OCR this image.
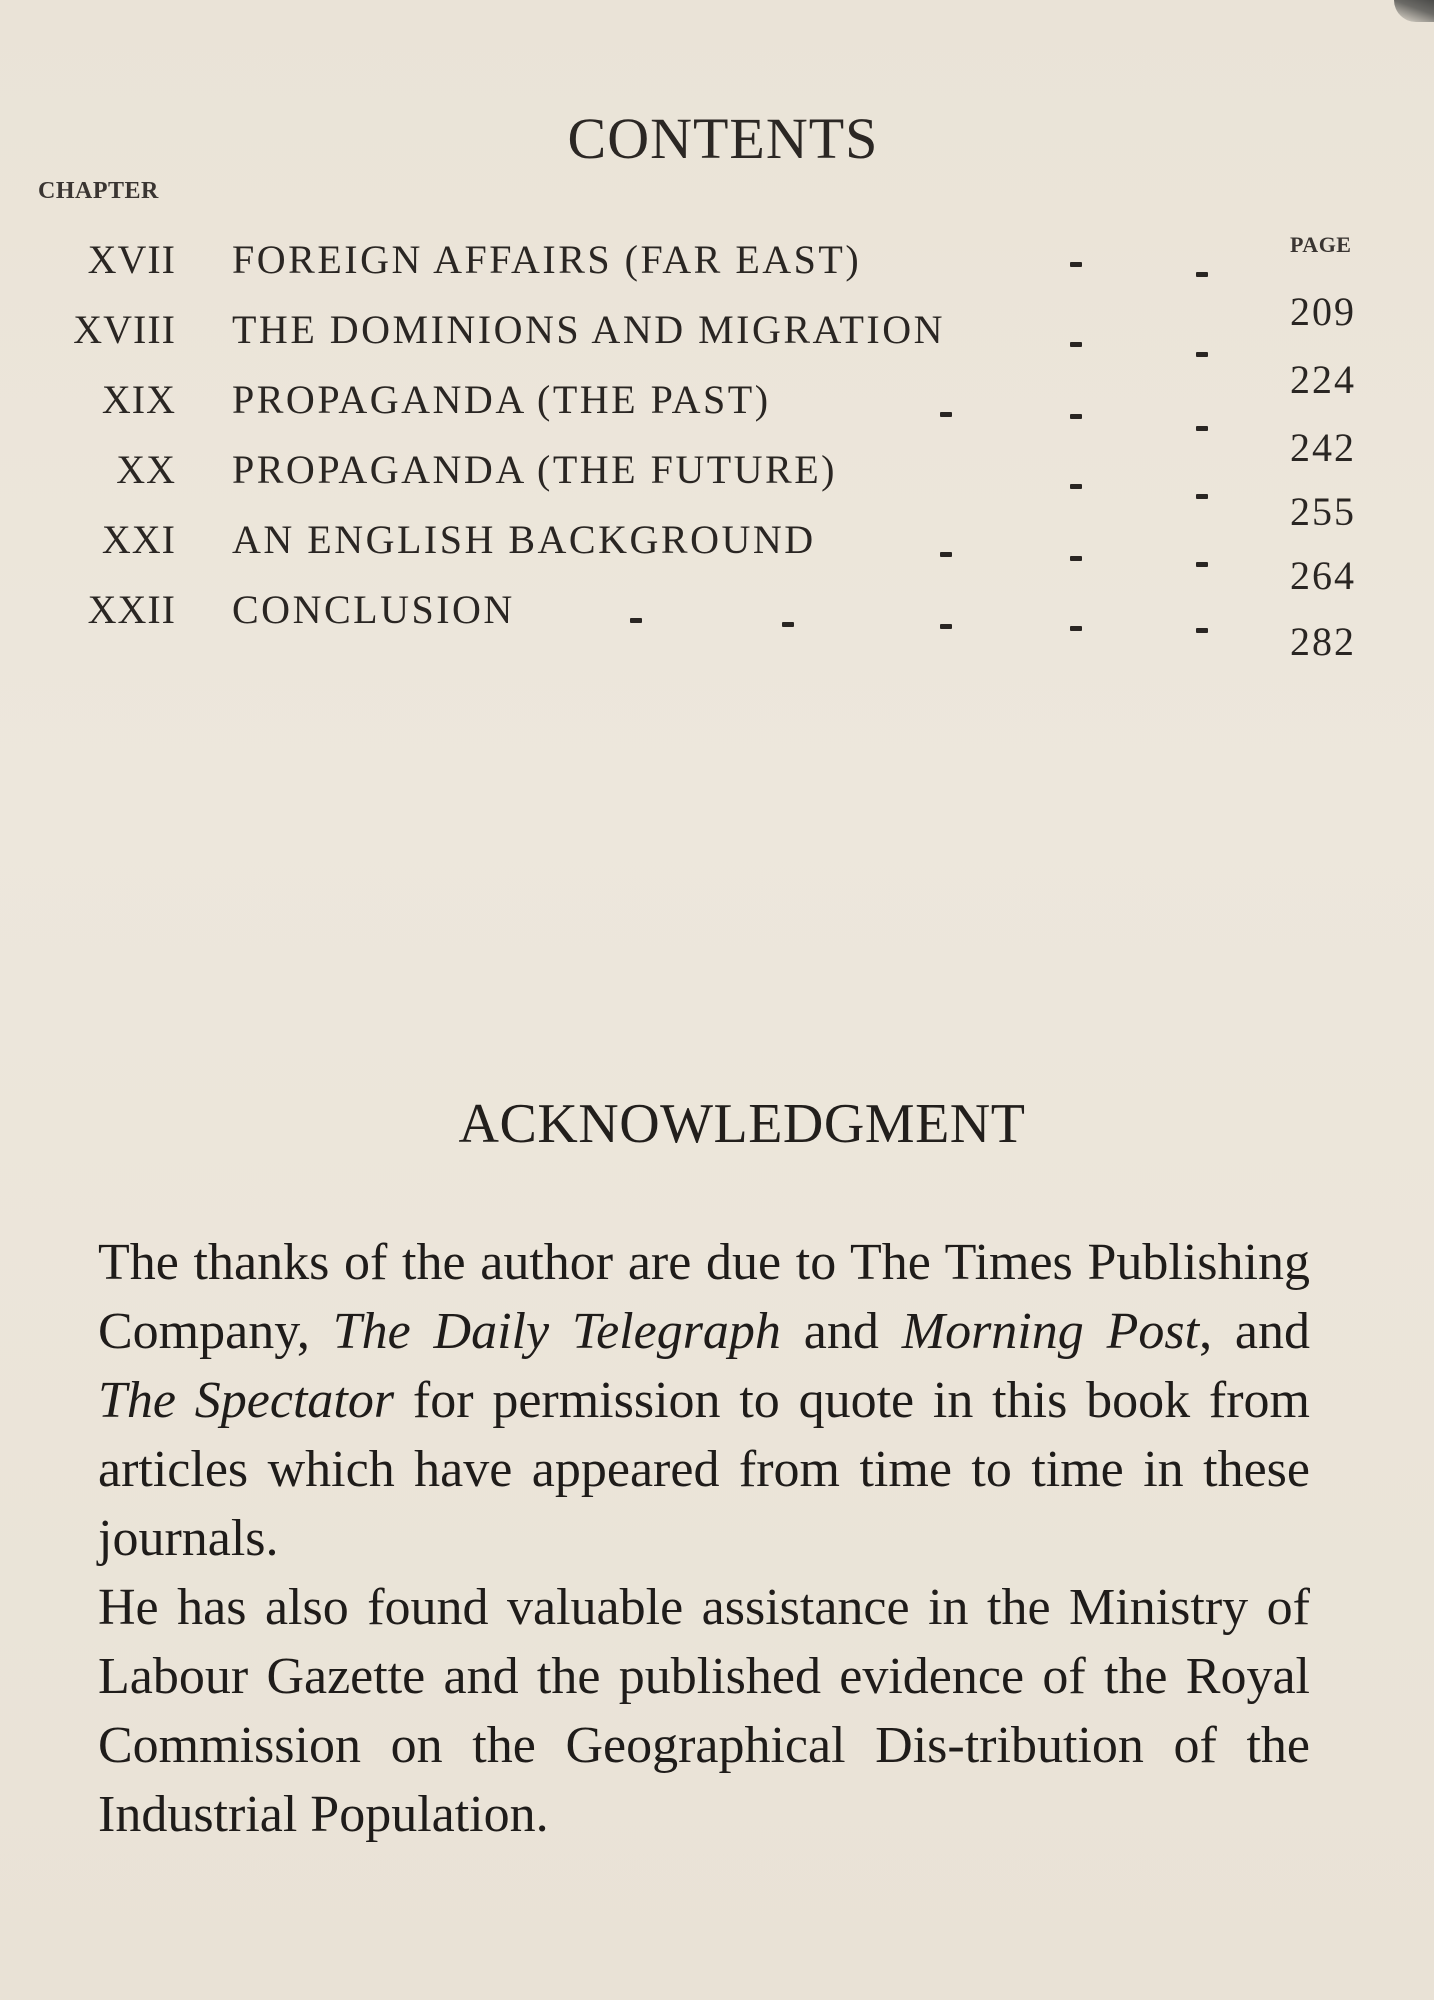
CONTENTS
CHAPTER
PAGE
XVII FOREIGN AFFAIRS (FAR EAST)
209
XVIII THE DOMINIONS AND MIGRATION
224
XIX PROPAGANDA (THE PAST)
242
XX PROPAGANDA (THE FUTURE)
255
XXI AN ENGLISH BACKGROUND
264
XXII CONCLUSION
282
ACKNOWLEDGMENT

The thanks of the author are due to The Times Publishing Company, The Daily Telegraph and Morning Post, and The Spectator for permission to quote in this book from articles which have appeared from time to time in these journals.

He has also found valuable assistance in the Ministry of Labour Gazette and the published evidence of the Royal Commission on the Geographical Dis-tribution of the Industrial Population.
